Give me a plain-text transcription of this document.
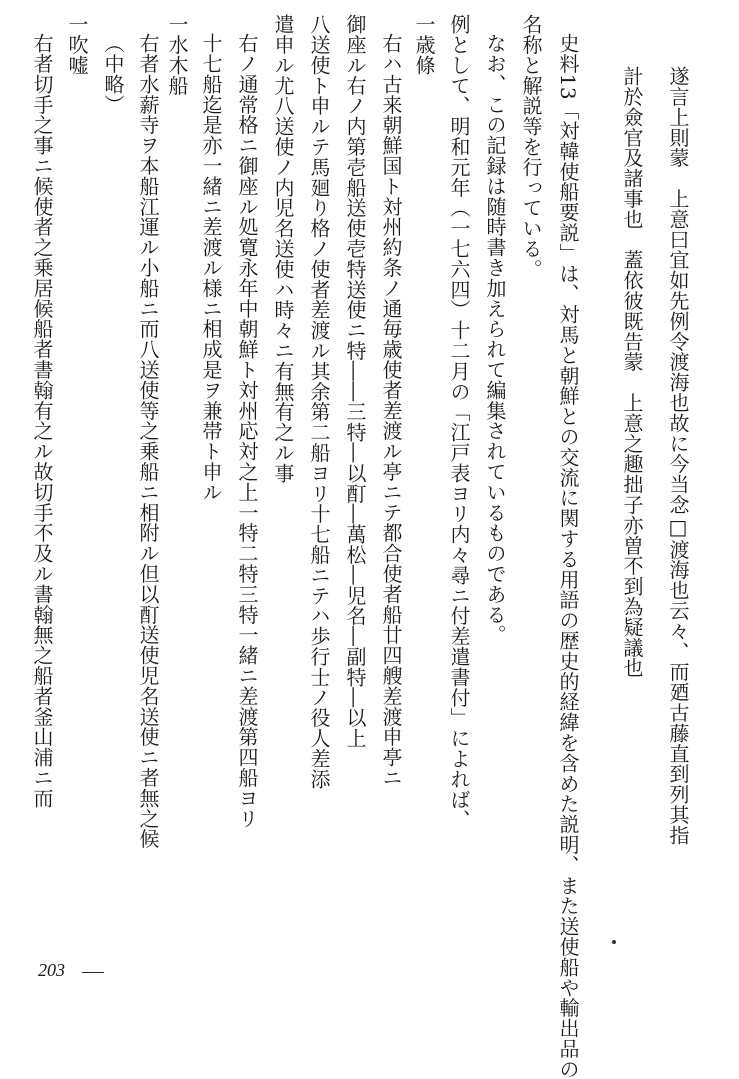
遂言上則蒙　上意曰宜如先例令渡海也故に今当念□渡海也云々、而廼古藤直到列其指
計於僉官及諸事也　蓋依彼既告蒙　上意之趣拙子亦曽不到為疑議也
史料13「対韓使船要説」は、対馬と朝鮮との交流に関する用語の歴史的経緯を含めた説明、また送使船や輸出品の
名称と解説等を行っている。
なお、この記録は随時書き加えられて編集されているものである。
例として、明和元年（一七六四）十二月の「江戸表ヨリ内々尋ニ付差遣書付」によれば、
一歳條
右ハ古来朝鮮国ト対州約条ノ通毎歳使者差渡ル𠅘ニテ都合使者船廿四艘差渡申𠅘ニ
御座ル右ノ内第壱船送使壱特送使ニ特――三特―以酊―萬松―児名―副特―以上
八送使ト申ルテ馬廻り格ノ使者差渡ル其余第二船ヨリ十七船ニテハ歩行士ノ役人差添
遣申ル尤八送使ノ内児名送使ハ時々ニ有無有之ル事
右ノ通常格ニ御座ル処寛永年中朝鮮ト対州応対之上一特二特三特一緒ニ差渡第四船ヨリ
十七船迄是亦一緒ニ差渡ル様ニ相成是ヲ兼帯ト申ル
一水木船
右者水薪寺ヲ本船江運ル小船ニ而八送使等之乗船ニ相附ル但以酊送使児名送使ニ者無之候
（中略）
一吹嘘
右者切手之事ニ候使者之乗居候船者書翰有之ル故切手不及ル書翰無之船者釜山浦ニ而
203
